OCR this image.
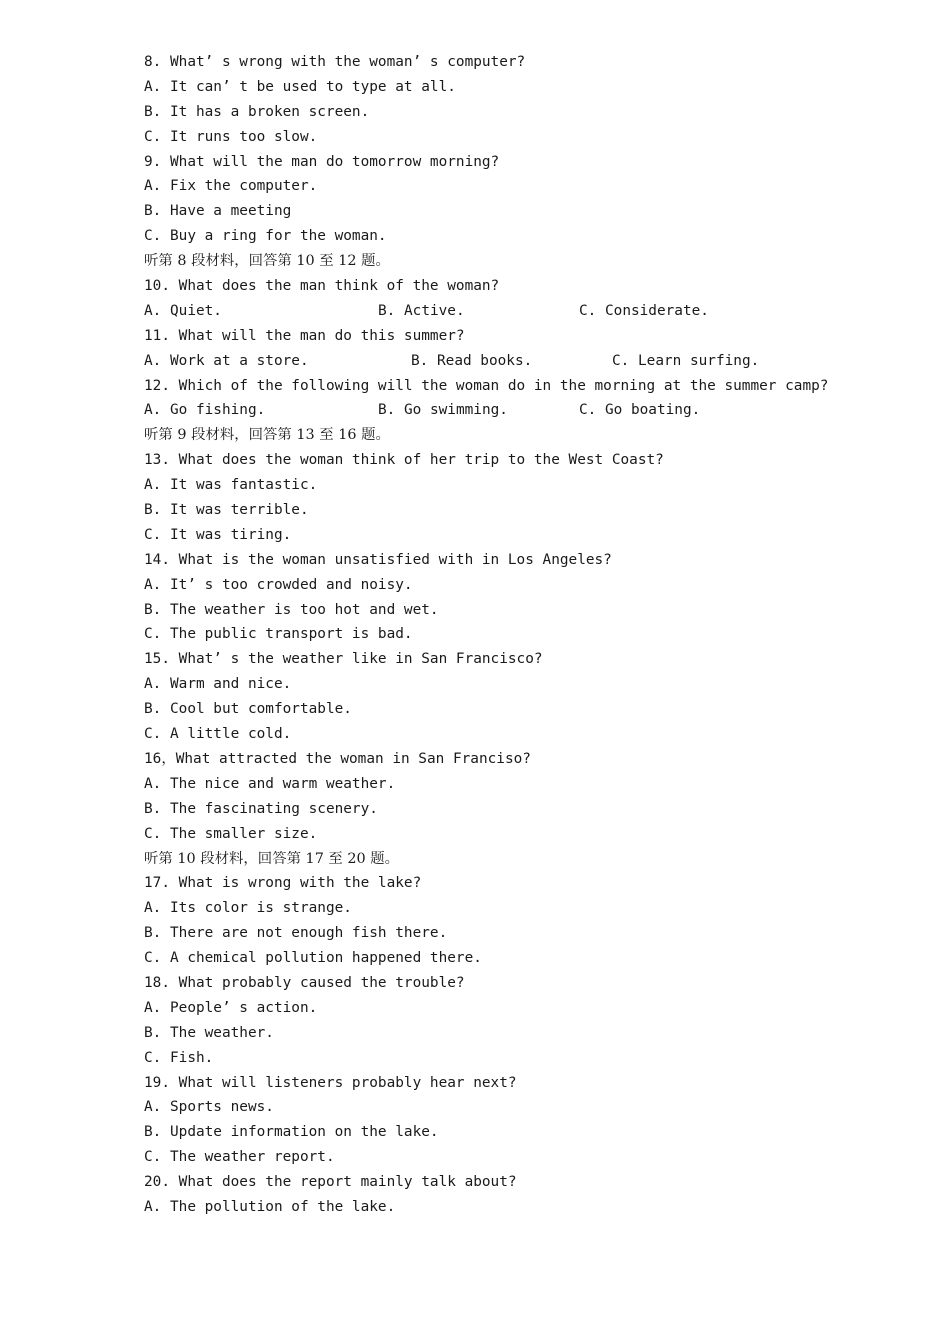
8. What’ s wrong with the woman’ s computer?
A. It can’ t be used to type at all.
B. It has a broken screen.
C. It runs too slow.
9. What will the man do tomorrow morning?
A. Fix the computer.
B. Have a meeting
C. Buy a ring for the woman.
听第 8 段材料，回答第 10 至 12 题。
10. What does the man think of the woman?
A. Quiet.	B. Active.	C. Considerate.
11. What will the man do this summer?
A. Work at a store.	B. Read books.	C. Learn surfing.
12. Which of the following will the woman do in the morning at the summer camp?
A. Go fishing.	B. Go swimming.	C. Go boating.
听第 9 段材料，回答第 13 至 16 题。
13. What does the woman think of her trip to the West Coast?
A. It was fantastic.
B. It was terrible.
C. It was tiring.
14. What is the woman unsatisfied with in Los Angeles?
A. It’ s too crowded and noisy.
B. The weather is too hot and wet.
C. The public transport is bad.
15. What’ s the weather like in San Francisco?
A. Warm and nice.
B. Cool but comfortable.
C. A little cold.
16，What attracted the woman in San Franciso?
A. The nice and warm weather.
B. The fascinating scenery.
C. The smaller size.
听第 10 段材料，回答第 17 至 20 题。
17. What is wrong with the lake?
A. Its color is strange.
B. There are not enough fish there.
C. A chemical pollution happened there.
18. What probably caused the trouble?
A. People’ s action.
B. The weather.
C. Fish.
19. What will listeners probably hear next?
A. Sports news.
B. Update information on the lake.
C. The weather report.
20. What does the report mainly talk about?
A. The pollution of the lake.
